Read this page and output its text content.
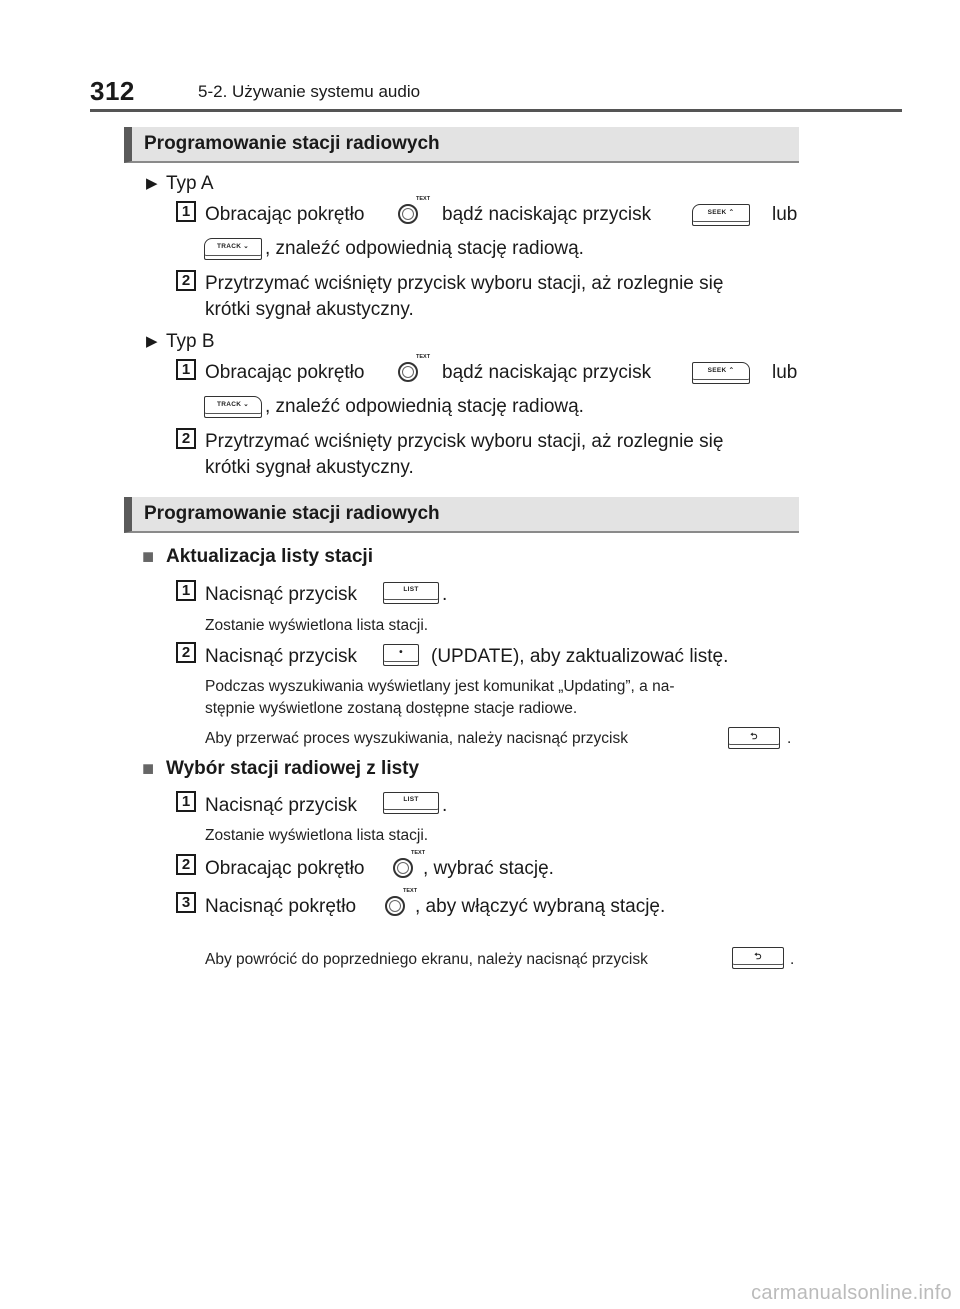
312	5-2. Używanie systemu audio
Programowanie stacji radiowych
▶ Typ A
1 Obracając pokrętło
TEXT
bądź naciskając przycisk	SEEK ⌃	lub
TRACK ⌄ , znaleźć odpowiednią stację radiową.
2 Przytrzymać wciśnięty przycisk wyboru stacji, aż rozlegnie się
krótki sygnał akustyczny.
▶ Typ B
1 Obracając pokrętło
TEXT
bądź naciskając przycisk	SEEK ⌃	lub
TRACK ⌄ , znaleźć odpowiednią stację radiową.
2 Przytrzymać wciśnięty przycisk wyboru stacji, aż rozlegnie się
krótki sygnał akustyczny.
Programowanie stacji radiowych
■ Aktualizacja listy stacji
1 Nacisnąć przycisk	LIST	.
Zostanie wyświetlona lista stacji.
2 Nacisnąć przycisk	•	(UPDATE), aby zaktualizować listę.
Podczas wyszukiwania wyświetlany jest komunikat „Updating”, a na-
stępnie wyświetlone zostaną dostępne stacje radiowe.
Aby przerwać proces wyszukiwania, należy nacisnąć przycisk	⮌	.
■ Wybór stacji radiowej z listy
1 Nacisnąć przycisk	LIST	.
Zostanie wyświetlona lista stacji.
2 Obracając pokrętło
TEXT
, wybrać stację.
3 Nacisnąć pokrętło
TEXT
, aby włączyć wybraną stację.
Aby powrócić do poprzedniego ekranu, należy nacisnąć przycisk	⮌	.
carmanualsonline.info
